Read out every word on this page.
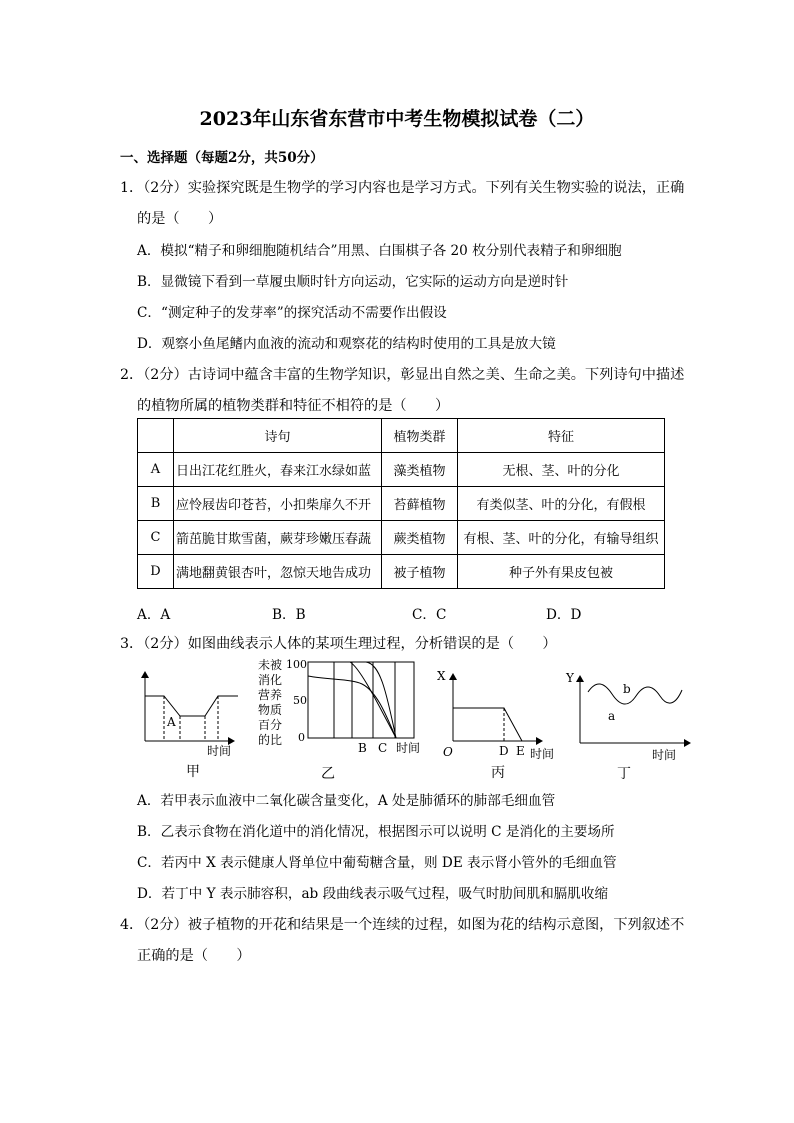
2023年山东省东营市中考生物模拟试卷（二）
一、选择题（每题2分，共50分）
1．（2分）实验探究既是生物学的学习内容也是学习方式。下列有关生物实验的说法，正确
的是（　　）
A．模拟“精子和卵细胞随机结合”用黑、白围棋子各 20 枚分别代表精子和卵细胞
B．显微镜下看到一草履虫顺时针方向运动，它实际的运动方向是逆时针
C．“测定种子的发芽率”的探究活动不需要作出假设
D．观察小鱼尾鳍内血液的流动和观察花的结构时使用的工具是放大镜
2．（2分）古诗词中蕴含丰富的生物学知识，彰显出自然之美、生命之美。下列诗句中描述
的植物所属的植物类群和特征不相符的是（　　）
	诗句	植物类群	特征
A	日出江花红胜火，春来江水绿如蓝	藻类植物	无根、茎、叶的分化
B	应怜屐齿印苍苔，小扣柴扉久不开	苔藓植物	有类似茎、叶的分化，有假根
C	箭茁脆甘欺雪菌，蕨芽珍嫩压春蔬	蕨类植物	有根、茎、叶的分化，有输导组织
D	满地翻黄银杏叶，忽惊天地告成功	被子植物	种子外有果皮包被
A．A	B．B	C．C	D．D
3．（2分）如图曲线表示人体的某项生理过程，分析错误的是（　　）
A
时间
甲
未被
消化
营养
物质
百分
的比
100
50
0
B C 时间
乙
X
O	D E 时间
丙
Y
a
b
时间
丁
A．若甲表示血液中二氧化碳含量变化，A 处是肺循环的肺部毛细血管
B．乙表示食物在消化道中的消化情况，根据图示可以说明 C 是消化的主要场所
C．若丙中 X 表示健康人肾单位中葡萄糖含量，则 DE 表示肾小管外的毛细血管
D．若丁中 Y 表示肺容积，ab 段曲线表示吸气过程，吸气时肋间肌和膈肌收缩
4．（2分）被子植物的开花和结果是一个连续的过程，如图为花的结构示意图，下列叙述不
正确的是（　　）
